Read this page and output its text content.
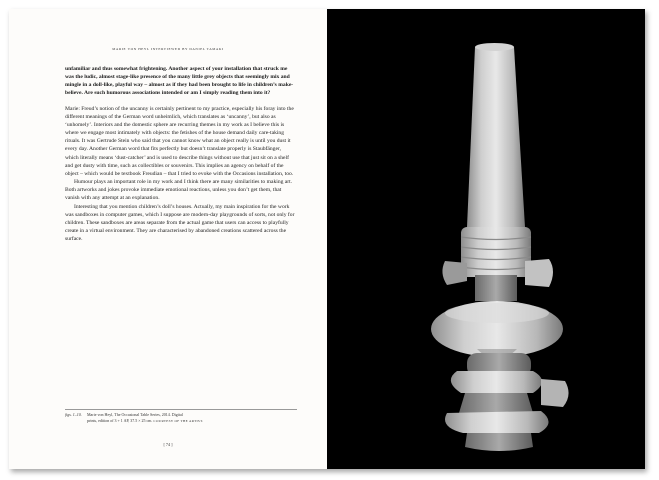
MARIE VON HEYL INTERVIEWED BY DANIEL TAMAKI

unfamiliar and thus somewhat frightening. Another aspect of your installation that struck me was the ludic, almost stage-like presence of the many little grey objects that seemingly mix and mingle in a doll-like, playful way – almost as if they had been brought to life in children’s make-believe. Are such humorous associations intended or am I simply reading them into it?

Marie: Freud’s notion of the uncanny is certainly pertinent to my practice, especially his foray into the different meanings of the German word unheimlich, which translates as ‘uncanny’, but also as ‘unhomely’. Interiors and the domestic sphere are recurring themes in my work as I believe this is where we engage most intimately with objects: the fetishes of the house demand daily care-taking rituals. It was Gertrude Stein who said that you cannot know what an object really is until you dust it every day. Another German word that fits perfectly but doesn’t translate properly is Staubfänger, which literally means ‘dust-catcher’ and is used to describe things without use that just sit on a shelf and get dusty with time, such as collectibles or souvenirs. This implies an agency on behalf of the object – which would be textbook Freudian – that I tried to evoke with the Occasions installation, too.

Humour plays an important role in my work and I think there are many similarities to making art. Both artworks and jokes provoke immediate emotional reactions, unless you don’t get them, that vanish with any attempt at an explanation.

Interesting that you mention children’s doll’s houses. Actually, my main inspiration for the work was sandboxes in computer games, which I suppose are modern-day playgrounds of sorts, not only for children. These sandboxes are areas separate from the actual game that users can access to playfully create in a virtual environment. They are characterised by abandoned creations scattered across the surface.

figs. 1–10.	Marie von Heyl, The Occasional Table Series, 2014. Digital
prints, edition of 3 + 1 AP, 37.5 × 25 cm. COURTESY OF THE ARTIST.
[ 74 ]
